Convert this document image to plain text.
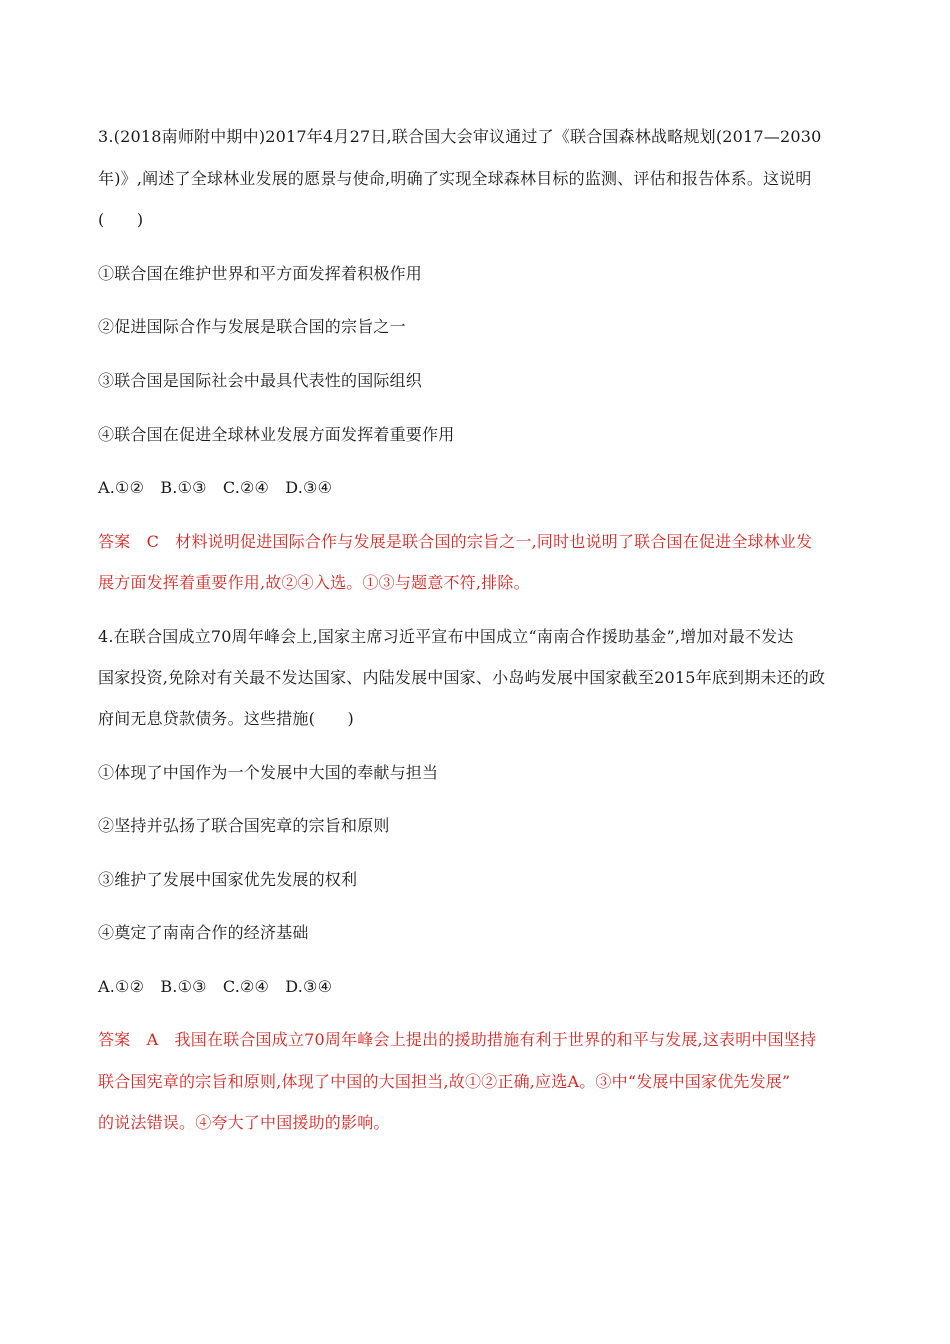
3.(2018南师附中期中)2017年4月27日,联合国大会审议通过了《联合国森林战略规划(2017—2030
年)》,阐述了全球林业发展的愿景与使命,明确了实现全球森林目标的监测、评估和报告体系。这说明
(　　)
①联合国在维护世界和平方面发挥着积极作用
②促进国际合作与发展是联合国的宗旨之一
③联合国是国际社会中最具代表性的国际组织
④联合国在促进全球林业发展方面发挥着重要作用
A.①②　B.①③　C.②④　D.③④
答案　C　材料说明促进国际合作与发展是联合国的宗旨之一,同时也说明了联合国在促进全球林业发
展方面发挥着重要作用,故②④入选。①③与题意不符,排除。
4.在联合国成立70周年峰会上,国家主席习近平宣布中国成立“南南合作援助基金”,增加对最不发达
国家投资,免除对有关最不发达国家、内陆发展中国家、小岛屿发展中国家截至2015年底到期未还的政
府间无息贷款债务。这些措施(　　)
①体现了中国作为一个发展中大国的奉献与担当
②坚持并弘扬了联合国宪章的宗旨和原则
③维护了发展中国家优先发展的权利
④奠定了南南合作的经济基础
A.①②　B.①③　C.②④　D.③④
答案　A　我国在联合国成立70周年峰会上提出的援助措施有利于世界的和平与发展,这表明中国坚持
联合国宪章的宗旨和原则,体现了中国的大国担当,故①②正确,应选A。③中“发展中国家优先发展”
的说法错误。④夸大了中国援助的影响。
